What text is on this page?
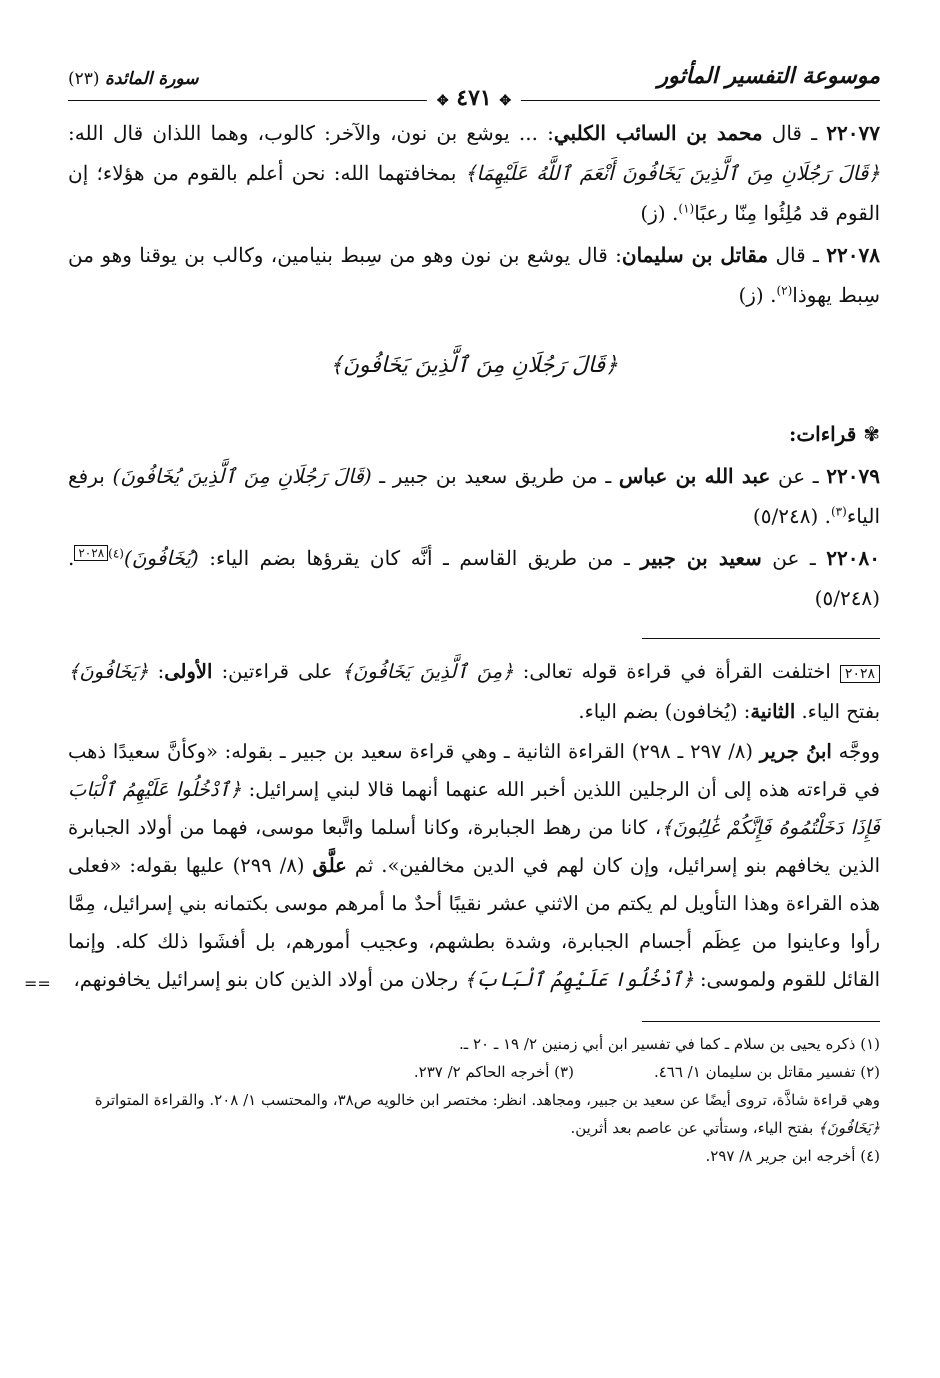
موسوعة التفسير المأثور
سورة المائدة (٢٣)
✥ ٤٧١ ✥

٢٢٠٧٧ ـ قال محمد بن السائب الكلبي: ... يوشع بن نون، والآخر: كالوب، وهما اللذان قال الله: ﴿قَالَ رَجُلَانِ مِنَ ٱلَّذِينَ يَخَافُونَ أَنْعَمَ ٱللَّهُ عَلَيْهِمَا﴾ بمخافتهما الله: نحن أعلم بالقوم من هؤلاء؛ إن القوم قد مُلِئُوا مِنّا رعبًا$^{(١)}$. (ز)

٢٢٠٧٨ ـ قال مقاتل بن سليمان: قال يوشع بن نون وهو من سِبط بنيامين، وكالب بن يوقنا وهو من سِبط يهوذا$^{(٢)}$. (ز)

﴿قَالَ رَجُلَانِ مِنَ ٱلَّذِينَ يَخَافُونَ﴾
✾ قراءات:

٢٢٠٧٩ ـ عن عبد الله بن عباس ـ من طريق سعيد بن جبير ـ (قَالَ رَجُلَانِ مِنَ ٱلَّذِينَ يُخَافُونَ) برفع الياء$^{(٣)}$. (٥/٢٤٨)

٢٢٠٨٠ ـ عن سعيد بن جبير ـ من طريق القاسم ـ أنَّه كان يقرؤها بضم الياء: (يُخَافُونَ)$^{(٤)٢٠٢٨}$. (٥/٢٤٨)

٢٠٢٨ اختلفت القرأة في قراءة قوله تعالى: ﴿مِنَ ٱلَّذِينَ يَخَافُونَ﴾ على قراءتين: الأولى: ﴿يَخَافُونَ﴾ بفتح الياء. الثانية: (يُخافون) بضم الياء.

ووجَّه ابنُ جرير (٨/ ٢٩٧ ـ ٢٩٨) القراءة الثانية ـ وهي قراءة سعيد بن جبير ـ بقوله: «وكأنَّ سعيدًا ذهب في قراءته هذه إلى أن الرجلين اللذين أخبر الله عنهما أنهما قالا لبني إسرائيل: ﴿ٱدْخُلُوا عَلَيْهِمُ ٱلْبَابَ فَإِذَا دَخَلْتُمُوهُ فَإِنَّكُمْ غَٰلِبُونَ﴾، كانا من رهط الجبابرة، وكانا أسلما واتَّبعا موسى، فهما من أولاد الجبابرة الذين يخافهم بنو إسرائيل، وإن كان لهم في الدين مخالفين». ثم علَّق (٨/ ٢٩٩) عليها بقوله: «فعلى هذه القراءة وهذا التأويل لم يكتم من الاثني عشر نقيبًا أحدٌ ما أمرهم موسى بكتمانه بني إسرائيل، مِمَّا رأوا وعاينوا من عِظَم أجسام الجبابرة، وشدة بطشهم، وعجيب أمورهم، بل أفشَوا ذلك كله. وإنما القائل للقوم ولموسى: ﴿ٱدْخُلُوا عَلَيْهِمُ ٱلْبَابَ﴾ رجلان من أولاد الذين كان بنو إسرائيل يخافونهم،

==

(١) ذكره يحيى بن سلام ـ كما في تفسير ابن أبي زمنين ٢/ ١٩ ـ ٢٠ ـ.

(٢) تفسير مقاتل بن سليمان ١/ ٤٦٦.
(٣) أخرجه الحاكم ٢/ ٢٣٧.

وهي قراءة شاذَّة، تروى أيضًا عن سعيد بن جبير، ومجاهد. انظر: مختصر ابن خالويه ص٣٨، والمحتسب ١/ ٢٠٨. والقراءة المتواترة ﴿يَخَافُونَ﴾ بفتح الياء، وستأتي عن عاصم بعد أثرين.

(٤) أخرجه ابن جرير ٨/ ٢٩٧.
